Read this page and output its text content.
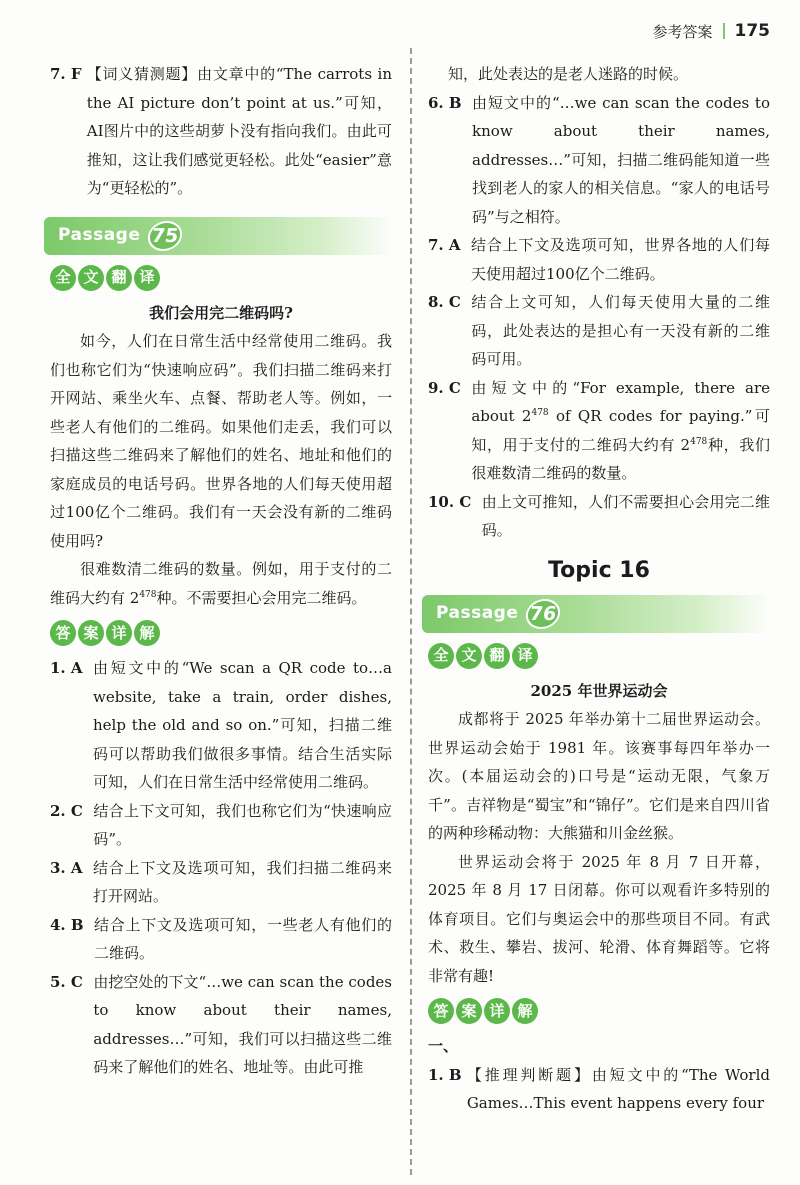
参考答案 175
7. F 【词义猜测题】由文章中的“The carrots in the AI picture don’t point at us.”可知，AI图片中的这些胡萝卜没有指向我们。由此可推知，这让我们感觉更轻松。此处“easier”意为“更轻松的”。
Passage 75
全 文 翻 译

我们会用完二维码吗?

如今，人们在日常生活中经常使用二维码。我们也称它们为“快速响应码”。我们扫描二维码来打开网站、乘坐火车、点餐、帮助老人等。例如，一些老人有他们的二维码。如果他们走丢，我们可以扫描这些二维码来了解他们的姓名、地址和他们的家庭成员的电话号码。世界各地的人们每天使用超过100亿个二维码。我们有一天会没有新的二维码使用吗?

很难数清二维码的数量。例如，用于支付的二维码大约有 $2^{478}$种。不需要担心会用完二维码。

答 案 详 解
1. A 由短文中的“We scan a QR code to…a website, take a train, order dishes, help the old and so on.”可知，扫描二维码可以帮助我们做很多事情。结合生活实际可知，人们在日常生活中经常使用二维码。
2. C 结合上下文可知，我们也称它们为“快速响应码”。
3. A 结合上下文及选项可知，我们扫描二维码来打开网站。
4. B 结合上下文及选项可知，一些老人有他们的二维码。
5. C 由挖空处的下文“…we can scan the codes to know about their names, addresses…”可知，我们可以扫描这些二维码来了解他们的姓名、地址等。由此可推

知，此处表达的是老人迷路的时候。

6. B 由短文中的“…we can scan the codes to know about their names, addresses…”可知，扫描二维码能知道一些找到老人的家人的相关信息。“家人的电话号码”与之相符。
7. A 结合上下文及选项可知，世界各地的人们每天使用超过100亿个二维码。
8. C 结合上文可知，人们每天使用大量的二维码，此处表达的是担心有一天没有新的二维码可用。
9. C 由短文中的“For example, there are about $2^{478}$ of QR codes for paying.”可知，用于支付的二维码大约有 $2^{478}$种，我们很难数清二维码的数量。
10. C 由上文可推知，人们不需要担心会用完二维码。
Topic 16
Passage 76
全 文 翻 译

2025 年世界运动会

成都将于 2025 年举办第十二届世界运动会。世界运动会始于 1981 年。该赛事每四年举办一次。(本届运动会的)口号是“运动无限，气象万千”。吉祥物是“蜀宝”和“锦仔”。它们是来自四川省的两种珍稀动物：大熊猫和川金丝猴。

世界运动会将于 2025 年 8 月 7 日开幕，2025 年 8 月 17 日闭幕。你可以观看许多特别的体育项目。它们与奥运会中的那些项目不同。有武术、救生、攀岩、拔河、轮滑、体育舞蹈等。它将非常有趣!

答 案 详 解

一、

1. B 【推理判断题】由短文中的“The World Games…This event happens every four
